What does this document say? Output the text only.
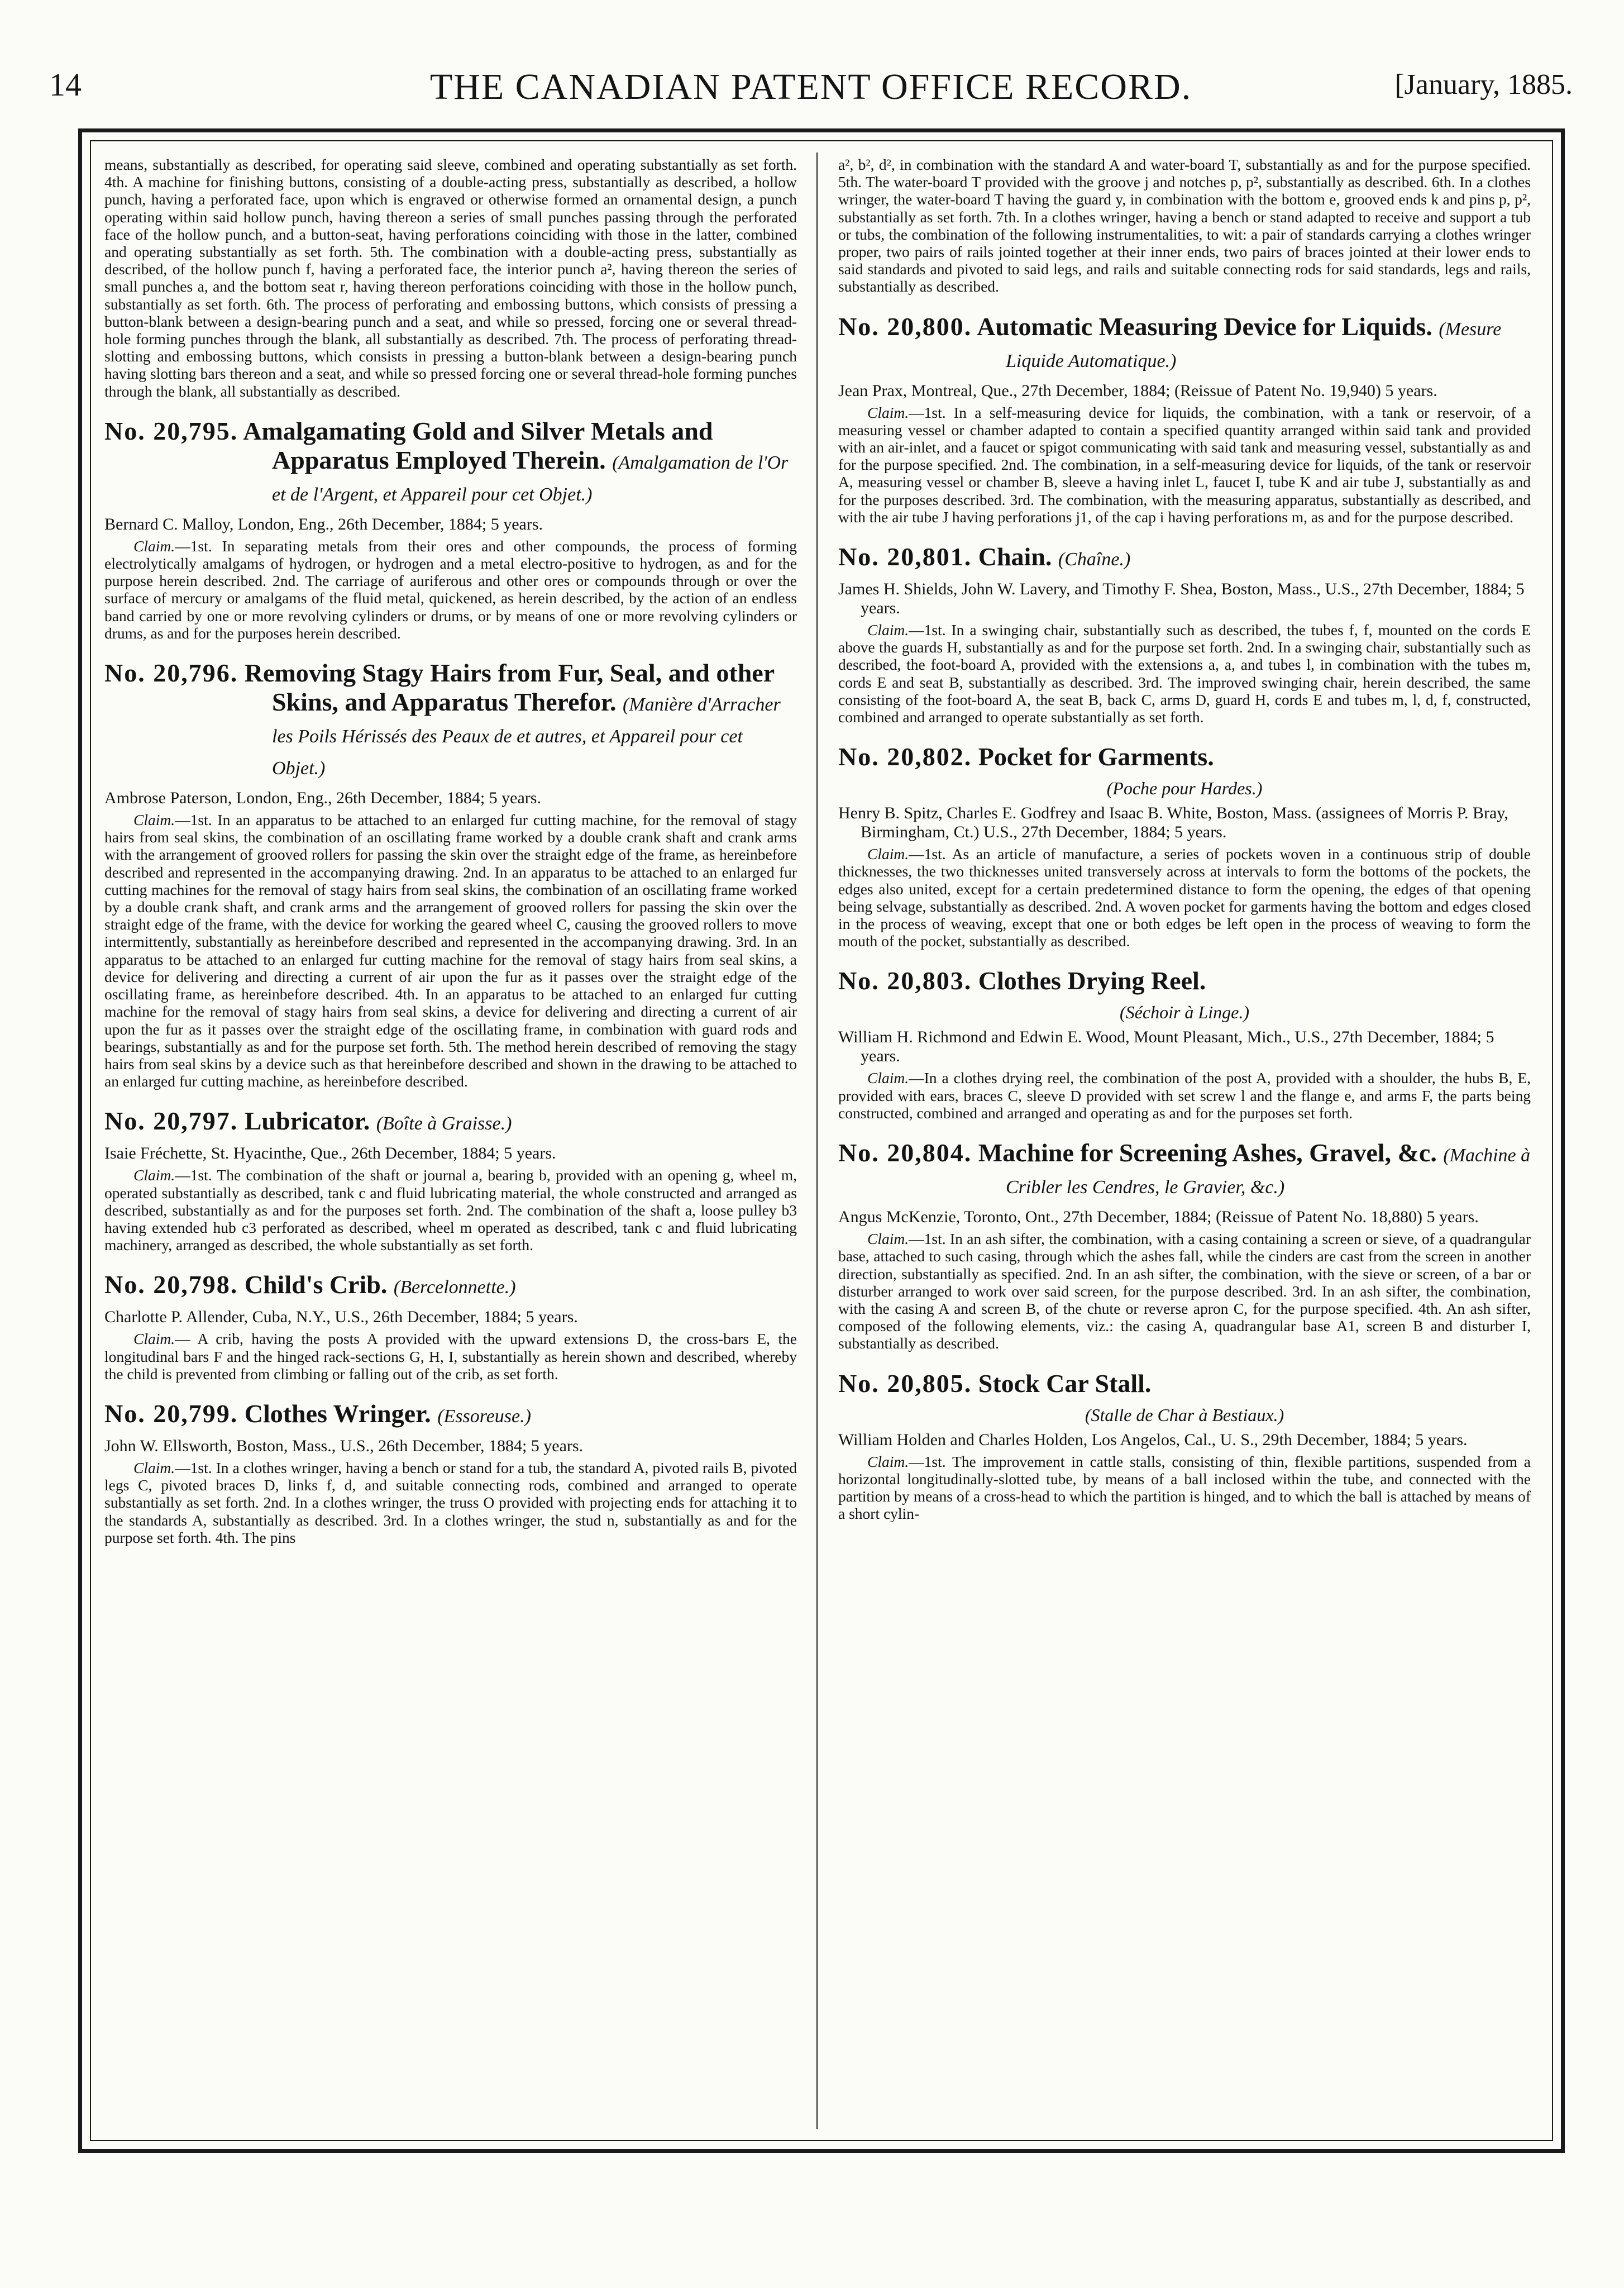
14	THE CANADIAN PATENT OFFICE RECORD.	[January, 1885.

means, substantially as described, for operating said sleeve, combined and operating substantially as set forth. 4th. A machine for finishing buttons, consisting of a double-acting press, substantially as described, a hollow punch, having a perforated face, upon which is engraved or otherwise formed an ornamental design, a punch operating within said hollow punch, having thereon a series of small punches passing through the perforated face of the hollow punch, and a button-seat, having perforations coinciding with those in the latter, combined and operating substantially as set forth. 5th. The combination with a double-acting press, substantially as described, of the hollow punch f, having a perforated face, the interior punch a², having thereon the series of small punches a, and the bottom seat r, having thereon perforations coinciding with those in the hollow punch, substantially as set forth. 6th. The process of perforating and embossing buttons, which consists of pressing a button-blank between a design-bearing punch and a seat, and while so pressed, forcing one or several thread-hole forming punches through the blank, all substantially as described. 7th. The process of perforating thread-slotting and embossing buttons, which consists in pressing a button-blank between a design-bearing punch having slotting bars thereon and a seat, and while so pressed forcing one or several thread-hole forming punches through the blank, all substantially as described.

No. 20,795. Amalgamating Gold and Silver Metals and Apparatus Employed Therein. (Amalgamation de l'Or et de l'Argent, et Appareil pour cet Objet.)

Bernard C. Malloy, London, Eng., 26th December, 1884; 5 years.

Claim.—1st. In separating metals from their ores and other compounds, the process of forming electrolytically amalgams of hydrogen, or hydrogen and a metal electro-positive to hydrogen, as and for the purpose herein described. 2nd. The carriage of auriferous and other ores or compounds through or over the surface of mercury or amalgams of the fluid metal, quickened, as herein described, by the action of an endless band carried by one or more revolving cylinders or drums, or by means of one or more revolving cylinders or drums, as and for the purposes herein described.

No. 20,796. Removing Stagy Hairs from Fur, Seal, and other Skins, and Apparatus Therefor. (Manière d'Arracher les Poils Hérissés des Peaux de et autres, et Appareil pour cet Objet.)

Ambrose Paterson, London, Eng., 26th December, 1884; 5 years.

Claim.—1st. In an apparatus to be attached to an enlarged fur cutting machine, for the removal of stagy hairs from seal skins, the combination of an oscillating frame worked by a double crank shaft and crank arms with the arrangement of grooved rollers for passing the skin over the straight edge of the frame, as hereinbefore described and represented in the accompanying drawing. 2nd. In an apparatus to be attached to an enlarged fur cutting machines for the removal of stagy hairs from seal skins, the combination of an oscillating frame worked by a double crank shaft, and crank arms and the arrangement of grooved rollers for passing the skin over the straight edge of the frame, with the device for working the geared wheel C, causing the grooved rollers to move intermittently, substantially as hereinbefore described and represented in the accompanying drawing. 3rd. In an apparatus to be attached to an enlarged fur cutting machine for the removal of stagy hairs from seal skins, a device for delivering and directing a current of air upon the fur as it passes over the straight edge of the oscillating frame, as hereinbefore described. 4th. In an apparatus to be attached to an enlarged fur cutting machine for the removal of stagy hairs from seal skins, a device for delivering and directing a current of air upon the fur as it passes over the straight edge of the oscillating frame, in combination with guard rods and bearings, substantially as and for the purpose set forth. 5th. The method herein described of removing the stagy hairs from seal skins by a device such as that hereinbefore described and shown in the drawing to be attached to an enlarged fur cutting machine, as hereinbefore described.

No. 20,797. Lubricator. (Boîte à Graisse.)

Isaie Fréchette, St. Hyacinthe, Que., 26th December, 1884; 5 years.

Claim.—1st. The combination of the shaft or journal a, bearing b, provided with an opening g, wheel m, operated substantially as described, tank c and fluid lubricating material, the whole constructed and arranged as described, substantially as and for the purposes set forth. 2nd. The combination of the shaft a, loose pulley b3 having extended hub c3 perforated as described, wheel m operated as described, tank c and fluid lubricating machinery, arranged as described, the whole substantially as set forth.

No. 20,798. Child's Crib. (Bercelonnette.)

Charlotte P. Allender, Cuba, N.Y., U.S., 26th December, 1884; 5 years.

Claim.— A crib, having the posts A provided with the upward extensions D, the cross-bars E, the longitudinal bars F and the hinged rack-sections G, H, I, substantially as herein shown and described, whereby the child is prevented from climbing or falling out of the crib, as set forth.

No. 20,799. Clothes Wringer. (Essoreuse.)

John W. Ellsworth, Boston, Mass., U.S., 26th December, 1884; 5 years.

Claim.—1st. In a clothes wringer, having a bench or stand for a tub, the standard A, pivoted rails B, pivoted legs C, pivoted braces D, links f, d, and suitable connecting rods, combined and arranged to operate substantially as set forth. 2nd. In a clothes wringer, the truss O provided with projecting ends for attaching it to the standards A, substantially as described. 3rd. In a clothes wringer, the stud n, substantially as and for the purpose set forth. 4th. The pins

a², b², d², in combination with the standard A and water-board T, substantially as and for the purpose specified. 5th. The water-board T provided with the groove j and notches p, p², substantially as described. 6th. In a clothes wringer, the water-board T having the guard y, in combination with the bottom e, grooved ends k and pins p, p², substantially as set forth. 7th. In a clothes wringer, having a bench or stand adapted to receive and support a tub or tubs, the combination of the following instrumentalities, to wit: a pair of standards carrying a clothes wringer proper, two pairs of rails jointed together at their inner ends, two pairs of braces jointed at their lower ends to said standards and pivoted to said legs, and rails and suitable connecting rods for said standards, legs and rails, substantially as described.

No. 20,800. Automatic Measuring Device for Liquids. (Mesure Liquide Automatique.)

Jean Prax, Montreal, Que., 27th December, 1884; (Reissue of Patent No. 19,940) 5 years.

Claim.—1st. In a self-measuring device for liquids, the combination, with a tank or reservoir, of a measuring vessel or chamber adapted to contain a specified quantity arranged within said tank and provided with an air-inlet, and a faucet or spigot communicating with said tank and measuring vessel, substantially as and for the purpose specified. 2nd. The combination, in a self-measuring device for liquids, of the tank or reservoir A, measuring vessel or chamber B, sleeve a having inlet L, faucet I, tube K and air tube J, substantially as and for the purposes described. 3rd. The combination, with the measuring apparatus, substantially as described, and with the air tube J having perforations j1, of the cap i having perforations m, as and for the purpose described.

No. 20,801. Chain. (Chaîne.)

James H. Shields, John W. Lavery, and Timothy F. Shea, Boston, Mass., U.S., 27th December, 1884; 5 years.

Claim.—1st. In a swinging chair, substantially such as described, the tubes f, f, mounted on the cords E above the guards H, substantially as and for the purpose set forth. 2nd. In a swinging chair, substantially such as described, the foot-board A, provided with the extensions a, a, and tubes l, in combination with the tubes m, cords E and seat B, substantially as described. 3rd. The improved swinging chair, herein described, the same consisting of the foot-board A, the seat B, back C, arms D, guard H, cords E and tubes m, l, d, f, constructed, combined and arranged to operate substantially as set forth.

No. 20,802. Pocket for Garments.

(Poche pour Hardes.)

Henry B. Spitz, Charles E. Godfrey and Isaac B. White, Boston, Mass. (assignees of Morris P. Bray, Birmingham, Ct.) U.S., 27th December, 1884; 5 years.

Claim.—1st. As an article of manufacture, a series of pockets woven in a continuous strip of double thicknesses, the two thicknesses united transversely across at intervals to form the bottoms of the pockets, the edges also united, except for a certain predetermined distance to form the opening, the edges of that opening being selvage, substantially as described. 2nd. A woven pocket for garments having the bottom and edges closed in the process of weaving, except that one or both edges be left open in the process of weaving to form the mouth of the pocket, substantially as described.

No. 20,803. Clothes Drying Reel.

(Séchoir à Linge.)

William H. Richmond and Edwin E. Wood, Mount Pleasant, Mich., U.S., 27th December, 1884; 5 years.

Claim.—In a clothes drying reel, the combination of the post A, provided with a shoulder, the hubs B, E, provided with ears, braces C, sleeve D provided with set screw l and the flange e, and arms F, the parts being constructed, combined and arranged and operating as and for the purposes set forth.

No. 20,804. Machine for Screening Ashes, Gravel, &c. (Machine à Cribler les Cendres, le Gravier, &c.)

Angus McKenzie, Toronto, Ont., 27th December, 1884; (Reissue of Patent No. 18,880) 5 years.

Claim.—1st. In an ash sifter, the combination, with a casing containing a screen or sieve, of a quadrangular base, attached to such casing, through which the ashes fall, while the cinders are cast from the screen in another direction, substantially as specified. 2nd. In an ash sifter, the combination, with the sieve or screen, of a bar or disturber arranged to work over said screen, for the purpose described. 3rd. In an ash sifter, the combination, with the casing A and screen B, of the chute or reverse apron C, for the purpose specified. 4th. An ash sifter, composed of the following elements, viz.: the casing A, quadrangular base A1, screen B and disturber I, substantially as described.

No. 20,805. Stock Car Stall.

(Stalle de Char à Bestiaux.)

William Holden and Charles Holden, Los Angelos, Cal., U. S., 29th December, 1884; 5 years.

Claim.—1st. The improvement in cattle stalls, consisting of thin, flexible partitions, suspended from a horizontal longitudinally-slotted tube, by means of a ball inclosed within the tube, and connected with the partition by means of a cross-head to which the partition is hinged, and to which the ball is attached by means of a short cylin-
